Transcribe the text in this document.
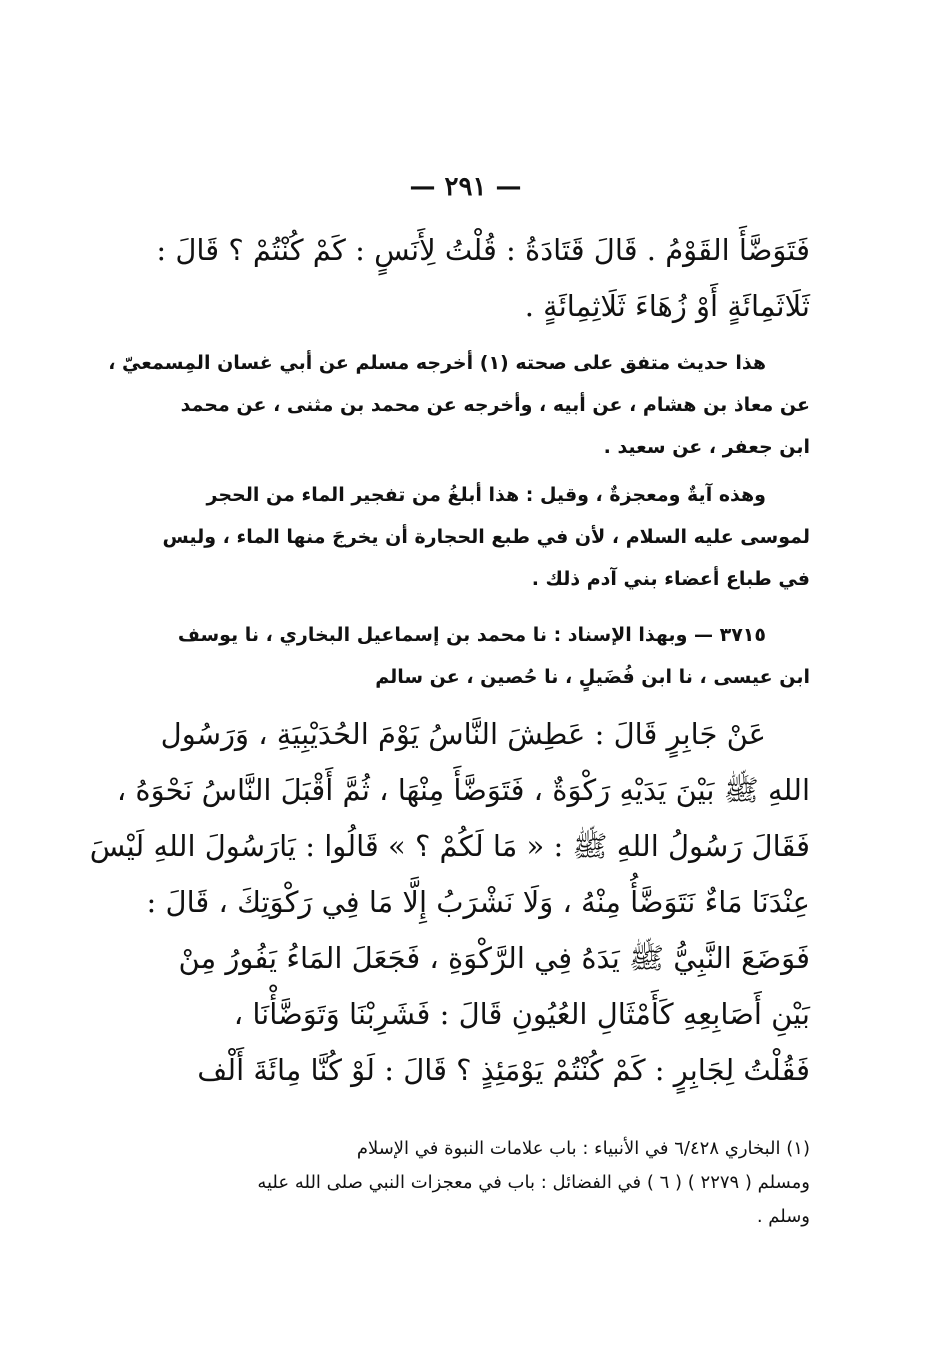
— ٢٩١ —
فَتَوَضَّأَ القَوْمُ . قَالَ قَتَادَةُ : قُلْتُ لِأَنَسٍ : كَمْ كُنْتُمْ ؟ قَالَ :
ثَلَاثَمِائَةٍ أَوْ زُهَاءَ ثَلَاثِمِائَةٍ .
هذا حديث متفق على صحته (١) أخرجه مسلم عن أبي غسان المِسمعيّ ،
عن معاذ بن هشام ، عن أبيه ، وأخرجه عن محمد بن مثنى ، عن محمد
ابن جعفر ، عن سعيد .
وهذه آيةٌ ومعجزةٌ ، وقيل : هذا أبلغُ من تفجير الماء من الحجر
لموسى عليه السلام ، لأن في طبع الحجارة أن يخرجَ منها الماء ، وليس
في طباع أعضاء بني آدم ذلك .
٣٧١٥ — وبهذا الإسناد : نا محمد بن إسماعيل البخاري ، نا يوسف
ابن عيسى ، نا ابن فُضَيلٍ ، نا حُصين ، عن سالم
عَنْ جَابِرٍ قَالَ : عَطِشَ النَّاسُ يَوْمَ الحُدَيْبِيَةِ ، وَرَسُول
اللهِ ﷺ بَيْنَ يَدَيْهِ رَكْوَةٌ ، فَتَوَضَّأَ مِنْهَا ، ثُمَّ أَقْبَلَ النَّاسُ نَحْوَهُ ،
فَقَالَ رَسُولُ اللهِ ﷺ : « مَا لَكُمْ ؟ » قَالُوا : يَارَسُولَ اللهِ لَيْسَ
عِنْدَنَا مَاءٌ نَتَوَضَّأُ مِنْهُ ، وَلَا نَشْرَبُ إِلَّا مَا فِي رَكْوَتِكَ ، قَالَ :
فَوَضَعَ النَّبِيُّ ﷺ يَدَهُ فِي الرَّكْوَةِ ، فَجَعَلَ المَاءُ يَفُورُ مِنْ
بَيْنِ أَصَابِعِهِ كَأَمْثَالِ العُيُونِ قَالَ : فَشَرِبْنَا وَتَوَضَّأْنَا ،
فَقُلْتُ لِجَابِرٍ : كَمْ كُنْتُمْ يَوْمَئِذٍ ؟ قَالَ : لَوْ كُنَّا مِائَةَ أَلْف
(١) البخاري ٦/٤٢٨ في الأنبياء : باب علامات النبوة في الإسلام
ومسلم ( ٢٢٧٩ ) ( ٦ ) في الفضائل : باب في معجزات النبي صلى الله عليه
وسلم .
